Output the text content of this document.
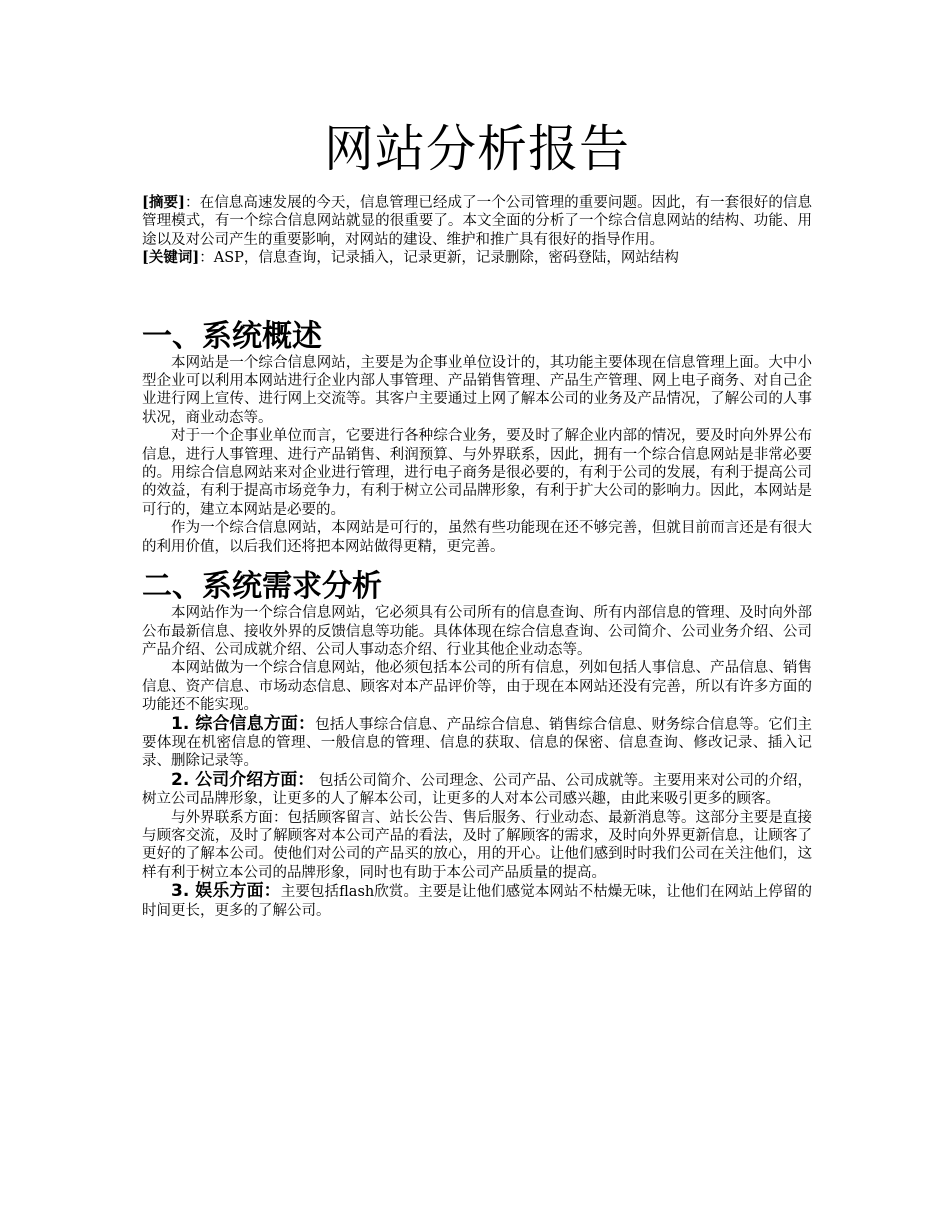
网站分析报告

[摘要]：在信息高速发展的今天，信息管理已经成了一个公司管理的重要问题。因此，有一套很好的信息管理模式，有一个综合信息网站就显的很重要了。本文全面的分析了一个综合信息网站的结构、功能、用途以及对公司产生的重要影响，对网站的建设、维护和推广具有很好的指导作用。

[关键词]：ASP，信息查询，记录插入，记录更新，记录删除，密码登陆，网站结构

一、系统概述

本网站是一个综合信息网站，主要是为企事业单位设计的，其功能主要体现在信息管理上面。大中小型企业可以利用本网站进行企业内部人事管理、产品销售管理、产品生产管理、网上电子商务、对自己企业进行网上宣传、进行网上交流等。其客户主要通过上网了解本公司的业务及产品情况，了解公司的人事状况，商业动态等。

对于一个企事业单位而言，它要进行各种综合业务，要及时了解企业内部的情况，要及时向外界公布信息，进行人事管理、进行产品销售、利润预算、与外界联系，因此，拥有一个综合信息网站是非常必要的。用综合信息网站来对企业进行管理，进行电子商务是很必要的，有利于公司的发展，有利于提高公司的效益，有利于提高市场竞争力，有利于树立公司品牌形象，有利于扩大公司的影响力。因此，本网站是可行的，建立本网站是必要的。

作为一个综合信息网站，本网站是可行的，虽然有些功能现在还不够完善，但就目前而言还是有很大的利用价值，以后我们还将把本网站做得更精，更完善。

二、系统需求分析

本网站作为一个综合信息网站，它必须具有公司所有的信息查询、所有内部信息的管理、及时向外部公布最新信息、接收外界的反馈信息等功能。具体体现在综合信息查询、公司简介、公司业务介绍、公司产品介绍、公司成就介绍、公司人事动态介绍、行业其他企业动态等。

本网站做为一个综合信息网站，他必须包括本公司的所有信息，列如包括人事信息、产品信息、销售信息、资产信息、市场动态信息、顾客对本产品评价等，由于现在本网站还没有完善，所以有许多方面的功能还不能实现。

1. 综合信息方面：包括人事综合信息、产品综合信息、销售综合信息、财务综合信息等。它们主要体现在机密信息的管理、一般信息的管理、信息的获取、信息的保密、信息查询、修改记录、插入记录、删除记录等。

2. 公司介绍方面： 包括公司简介、公司理念、公司产品、公司成就等。主要用来对公司的介绍，树立公司品牌形象，让更多的人了解本公司，让更多的人对本公司感兴趣，由此来吸引更多的顾客。

与外界联系方面：包括顾客留言、站长公告、售后服务、行业动态、最新消息等。这部分主要是直接与顾客交流，及时了解顾客对本公司产品的看法，及时了解顾客的需求，及时向外界更新信息，让顾客了更好的了解本公司。使他们对公司的产品买的放心，用的开心。让他们感到时时我们公司在关注他们，这样有利于树立本公司的品牌形象，同时也有助于本公司产品质量的提高。

3. 娱乐方面：主要包括flash欣赏。主要是让他们感觉本网站不枯燥无味，让他们在网站上停留的时间更长，更多的了解公司。
